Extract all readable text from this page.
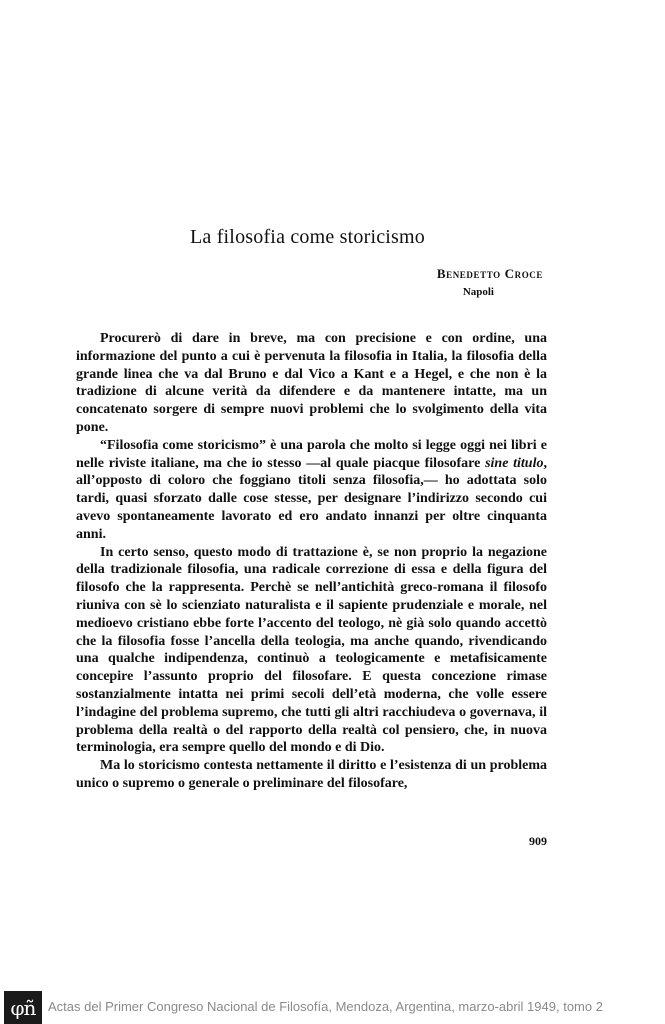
La filosofia come storicismo
Benedetto Croce
Napoli

Procurerò di dare in breve, ma con precisione e con ordine, una informazione del punto a cui è pervenuta la filosofia in Italia, la filosofia della grande linea che va dal Bruno e dal Vico a Kant e a Hegel, e che non è la tradizione di alcune verità da difendere e da mantenere intatte, ma un concatenato sorgere di sempre nuovi problemi che lo svolgimento della vita pone.

“Filosofia come storicismo” è una parola che molto si legge oggi nei libri e nelle riviste italiane, ma che io stesso —al quale piacque filosofare sine titulo, all’opposto di coloro che foggiano titoli senza filosofia,— ho adottata solo tardi, quasi sforzato dalle cose stesse, per designare l’indirizzo secondo cui avevo spontaneamente lavorato ed ero andato innanzi per oltre cinquanta anni.

In certo senso, questo modo di trattazione è, se non proprio la negazione della tradizionale filosofia, una radicale correzione di essa e della figura del filosofo che la rappresenta. Perchè se nell’antichità greco-romana il filosofo riuniva con sè lo scienziato naturalista e il sapiente prudenziale e morale, nel medioevo cristiano ebbe forte l’accento del teologo, nè già solo quando accettò che la filosofia fosse l’ancella della teologia, ma anche quando, rivendicando una qualche indipendenza, continuò a teologicamente e metafisicamente concepire l’assunto proprio del filosofare. E questa concezione rimase sostanzialmente intatta nei primi secoli dell’età moderna, che volle essere l’indagine del problema supremo, che tutti gli altri racchiudeva o governava, il problema della realtà o del rapporto della realtà col pensiero, che, in nuova terminologia, era sempre quello del mondo e di Dio.

Ma lo storicismo contesta nettamente il diritto e l’esistenza di un problema unico o supremo o generale o preliminare del filosofare,

909
φñ Actas del Primer Congreso Nacional de Filosofía, Mendoza, Argentina, marzo-abril 1949, tomo 2
